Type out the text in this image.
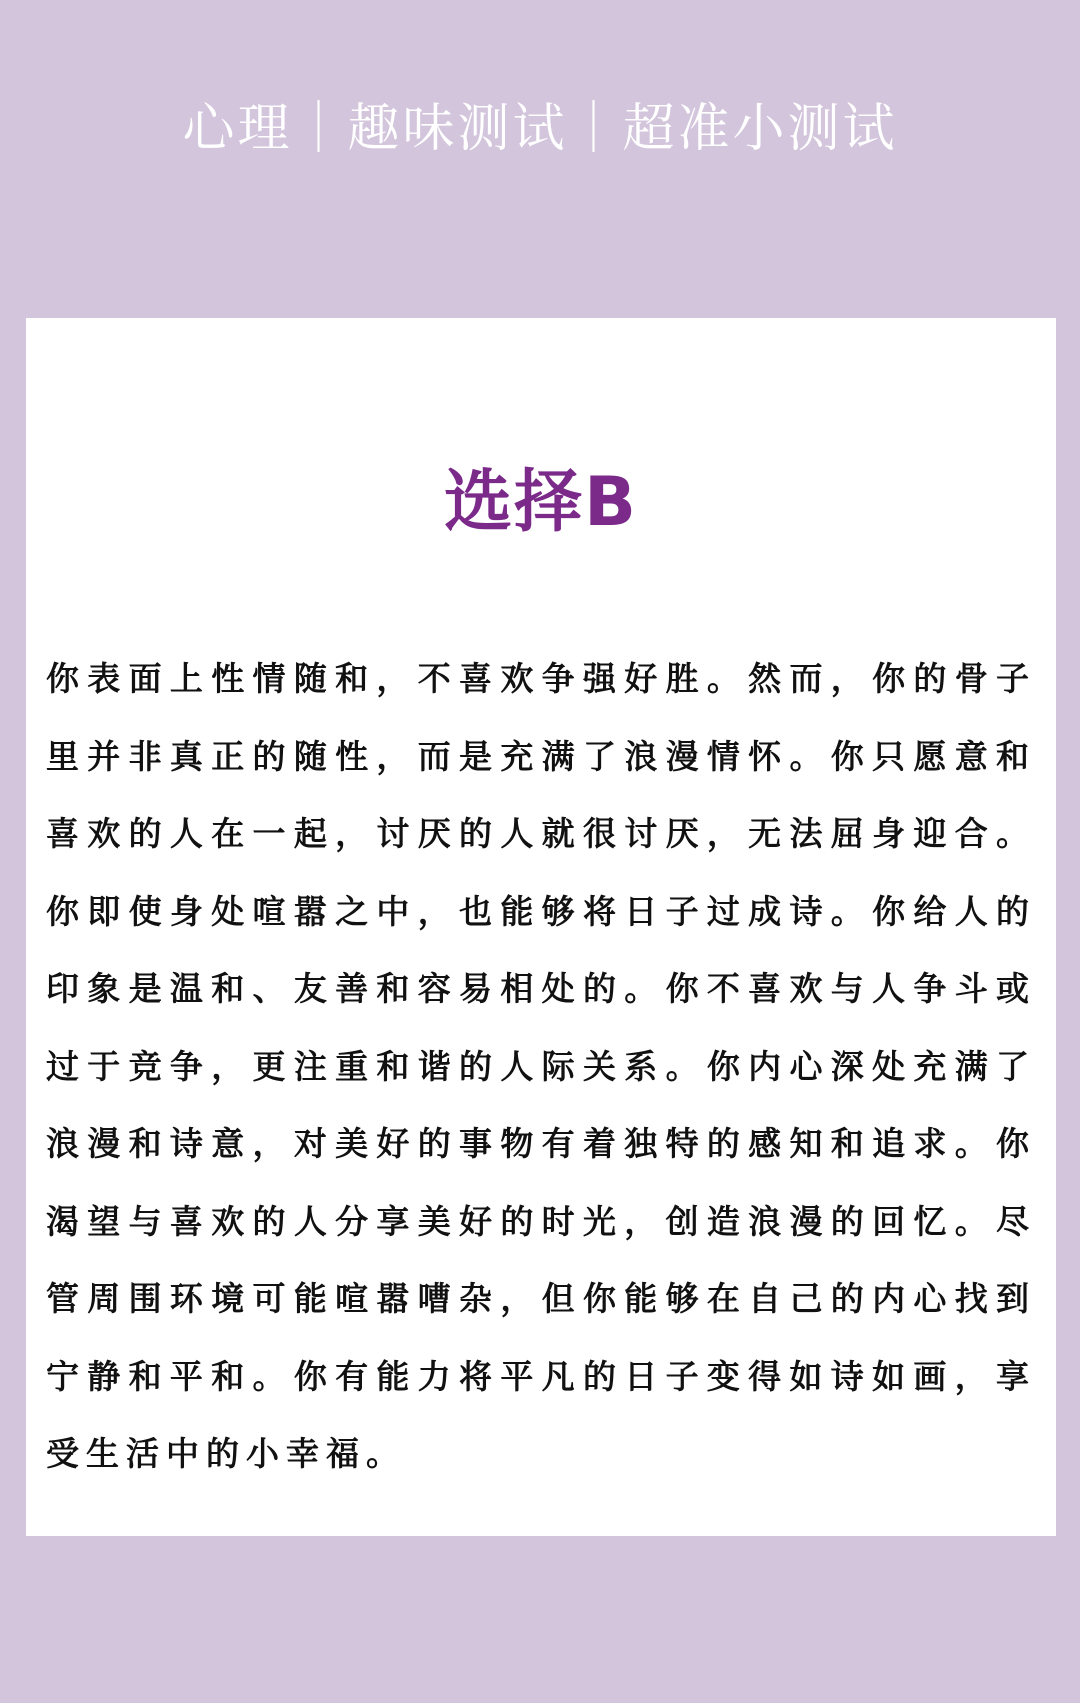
心理｜趣味测试｜超准小测试
选择B
你表面上性情随和，不喜欢争强好胜。然而，你的骨子里并非真正的随性，而是充满了浪漫情怀。你只愿意和喜欢的人在一起，讨厌的人就很讨厌，无法屈身迎合。你即使身处喧嚣之中，也能够将日子过成诗。你给人的印象是温和、友善和容易相处的。你不喜欢与人争斗或过于竞争，更注重和谐的人际关系。你内心深处充满了浪漫和诗意，对美好的事物有着独特的感知和追求。你渴望与喜欢的人分享美好的时光，创造浪漫的回忆。尽管周围环境可能喧嚣嘈杂，但你能够在自己的内心找到宁静和平和。你有能力将平凡的日子变得如诗如画，享受生活中的小幸福。
